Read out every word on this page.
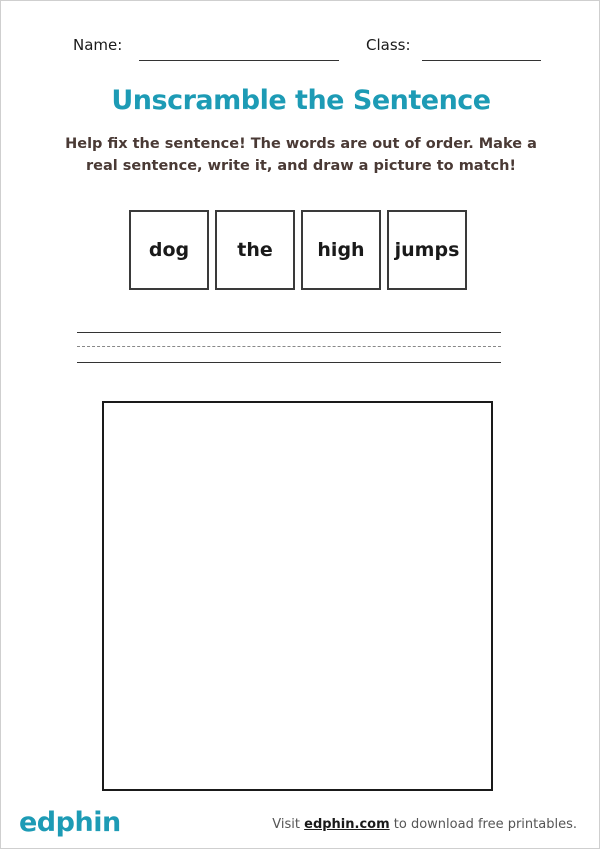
Name:	Class:
Unscramble the Sentence
Help fix the sentence! The words are out of order. Make a real sentence, write it, and draw a picture to match!
dog	the	high	jumps
edphin	Visit edphin.com to download free printables.
